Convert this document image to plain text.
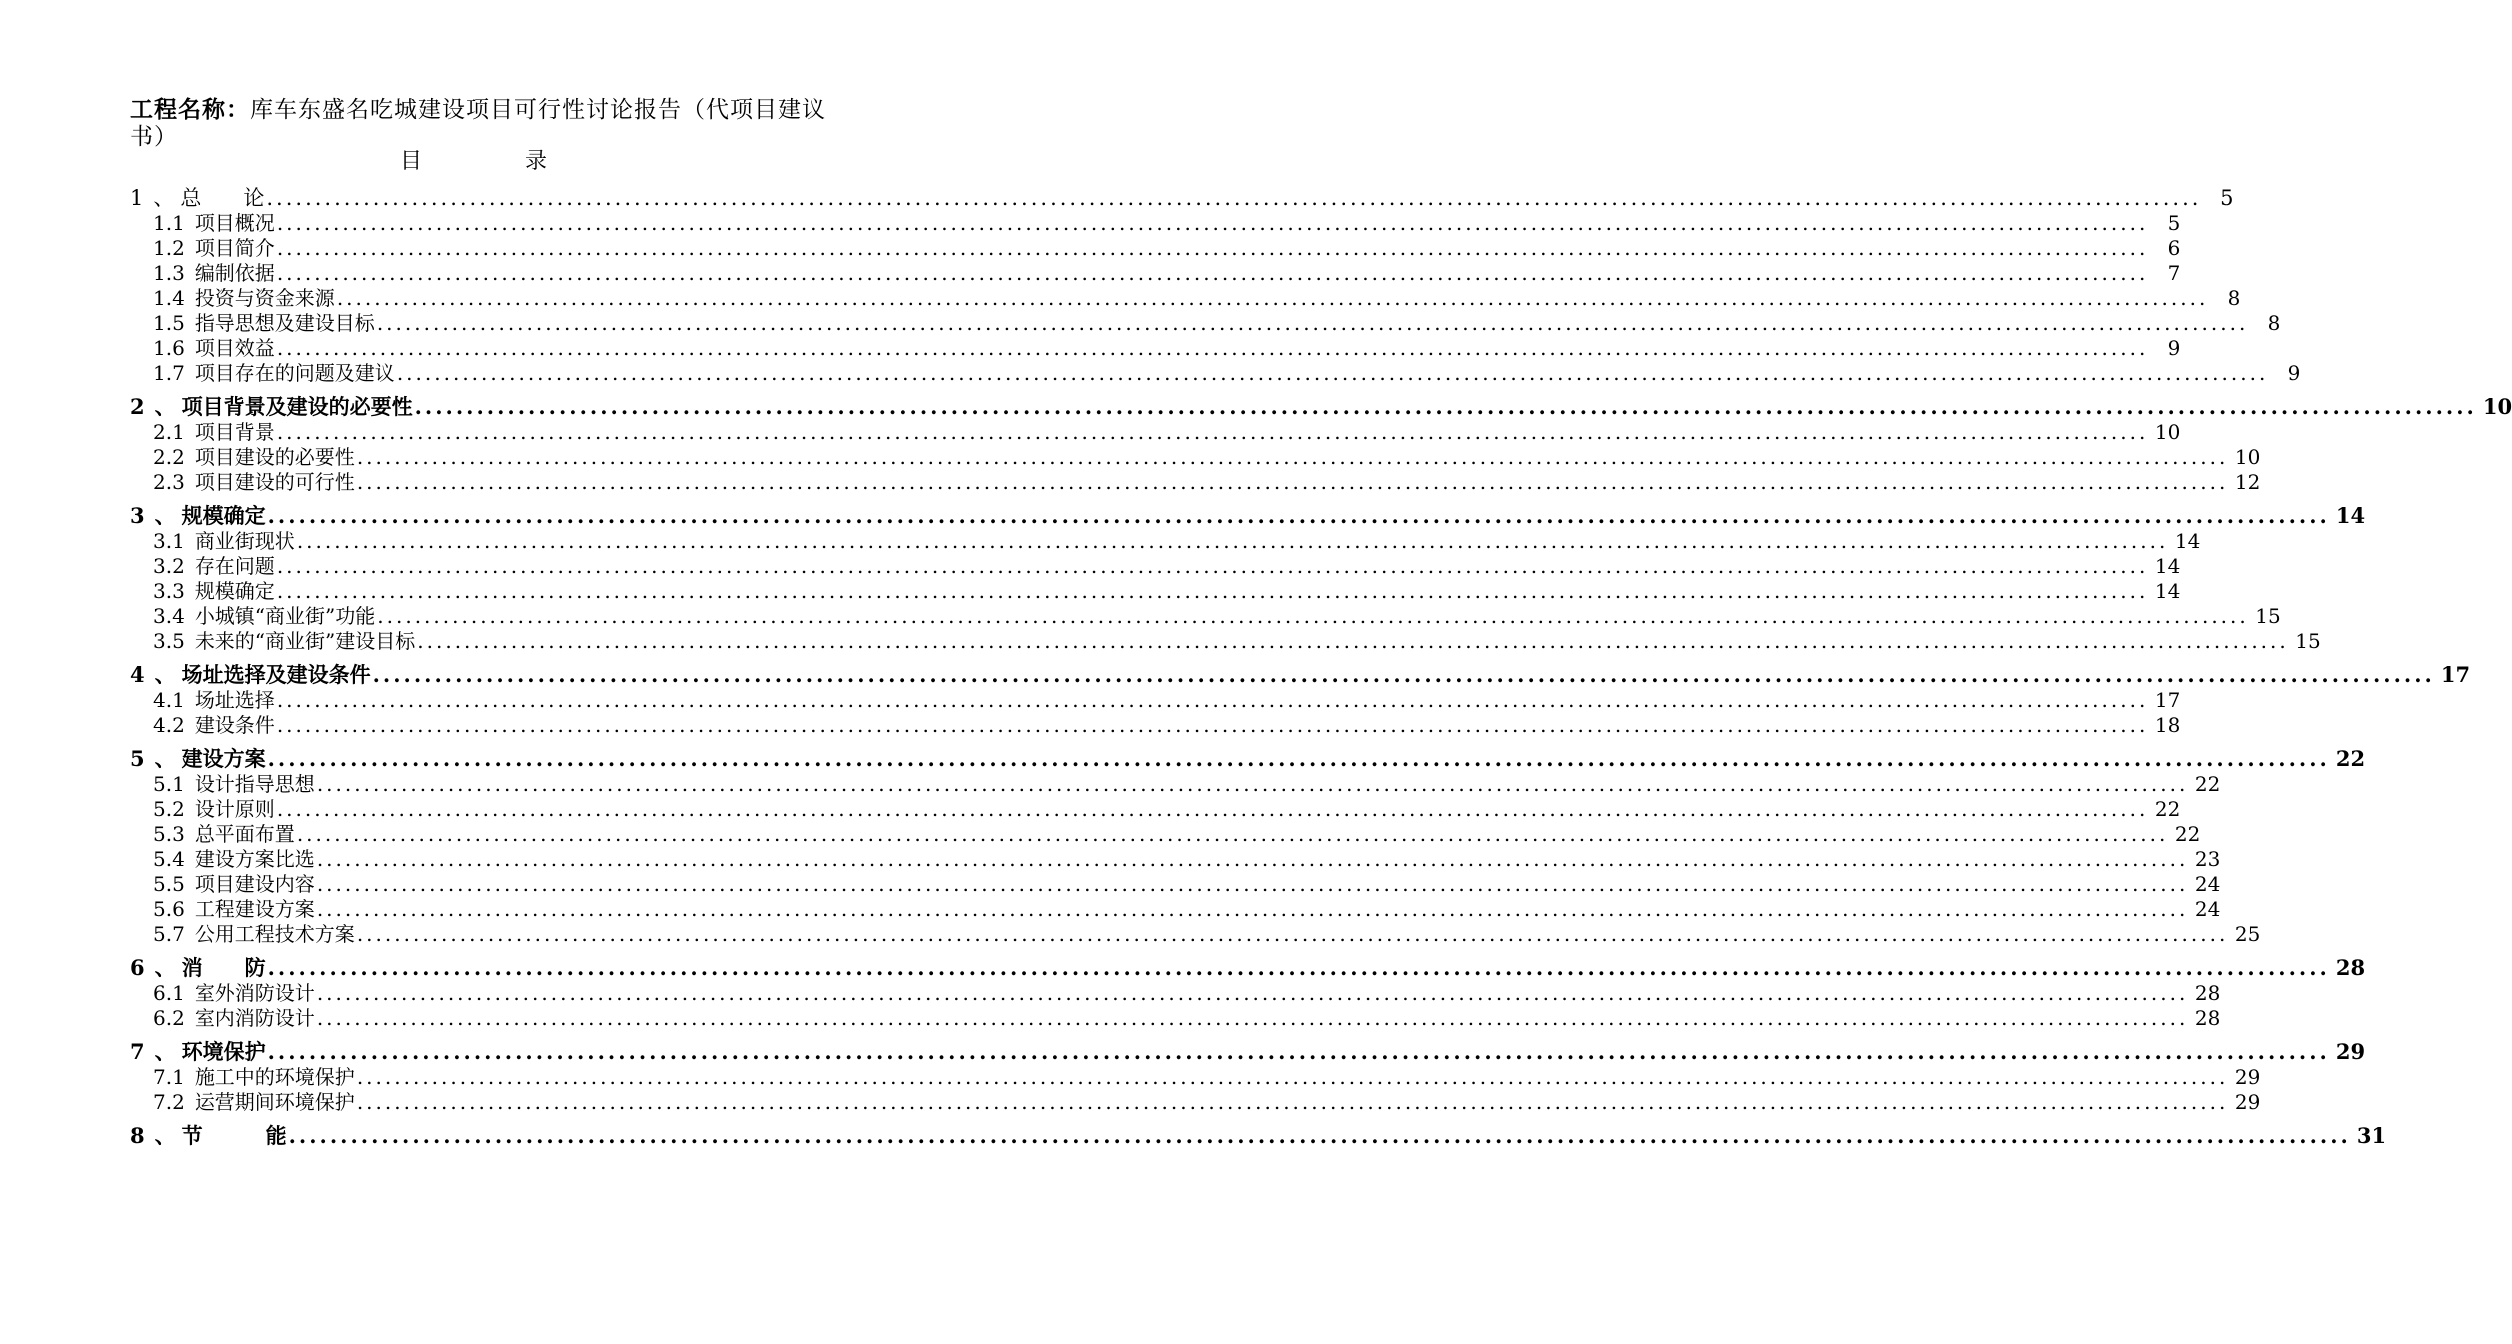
工程名称：库车东盛名吃城建设项目可行性讨论报告（代项目建议书）
目	录
1 、 总　　论 ........................................................................................................................................................................................................ 5
1.1 项目概况 ........................................................................................................................................................................................................ 5
1.2 项目简介 ........................................................................................................................................................................................................ 6
1.3 编制依据 ........................................................................................................................................................................................................ 7
1.4 投资与资金来源 ........................................................................................................................................................................................................ 8
1.5 指导思想及建设目标 ........................................................................................................................................................................................................ 8
1.6 项目效益 ........................................................................................................................................................................................................ 9
1.7 项目存在的问题及建议 ........................................................................................................................................................................................................ 9
2 、 项目背景及建设的必要性 ........................................................................................................................................................................................................ 10
2.1 项目背景 ........................................................................................................................................................................................................ 10
2.2 项目建设的必要性 ........................................................................................................................................................................................................ 10
2.3 项目建设的可行性 ........................................................................................................................................................................................................ 12
3 、 规模确定 ........................................................................................................................................................................................................ 14
3.1 商业街现状 ........................................................................................................................................................................................................ 14
3.2 存在问题 ........................................................................................................................................................................................................ 14
3.3 规模确定 ........................................................................................................................................................................................................ 14
3.4 小城镇“商业街”功能 ........................................................................................................................................................................................................ 15
3.5 未来的“商业街”建设目标 ........................................................................................................................................................................................................ 15
4 、 场址选择及建设条件 ........................................................................................................................................................................................................ 17
4.1 场址选择 ........................................................................................................................................................................................................ 17
4.2 建设条件 ........................................................................................................................................................................................................ 18
5 、 建设方案 ........................................................................................................................................................................................................ 22
5.1 设计指导思想 ........................................................................................................................................................................................................ 22
5.2 设计原则 ........................................................................................................................................................................................................ 22
5.3 总平面布置 ........................................................................................................................................................................................................ 22
5.4 建设方案比选 ........................................................................................................................................................................................................ 23
5.5 项目建设内容 ........................................................................................................................................................................................................ 24
5.6 工程建设方案 ........................................................................................................................................................................................................ 24
5.7 公用工程技术方案 ........................................................................................................................................................................................................ 25
6 、 消　　防 ........................................................................................................................................................................................................ 28
6.1 室外消防设计 ........................................................................................................................................................................................................ 28
6.2 室内消防设计 ........................................................................................................................................................................................................ 28
7 、 环境保护 ........................................................................................................................................................................................................ 29
7.1 施工中的环境保护 ........................................................................................................................................................................................................ 29
7.2 运营期间环境保护 ........................................................................................................................................................................................................ 29
8 、 节　　　能 ........................................................................................................................................................................................................ 31
